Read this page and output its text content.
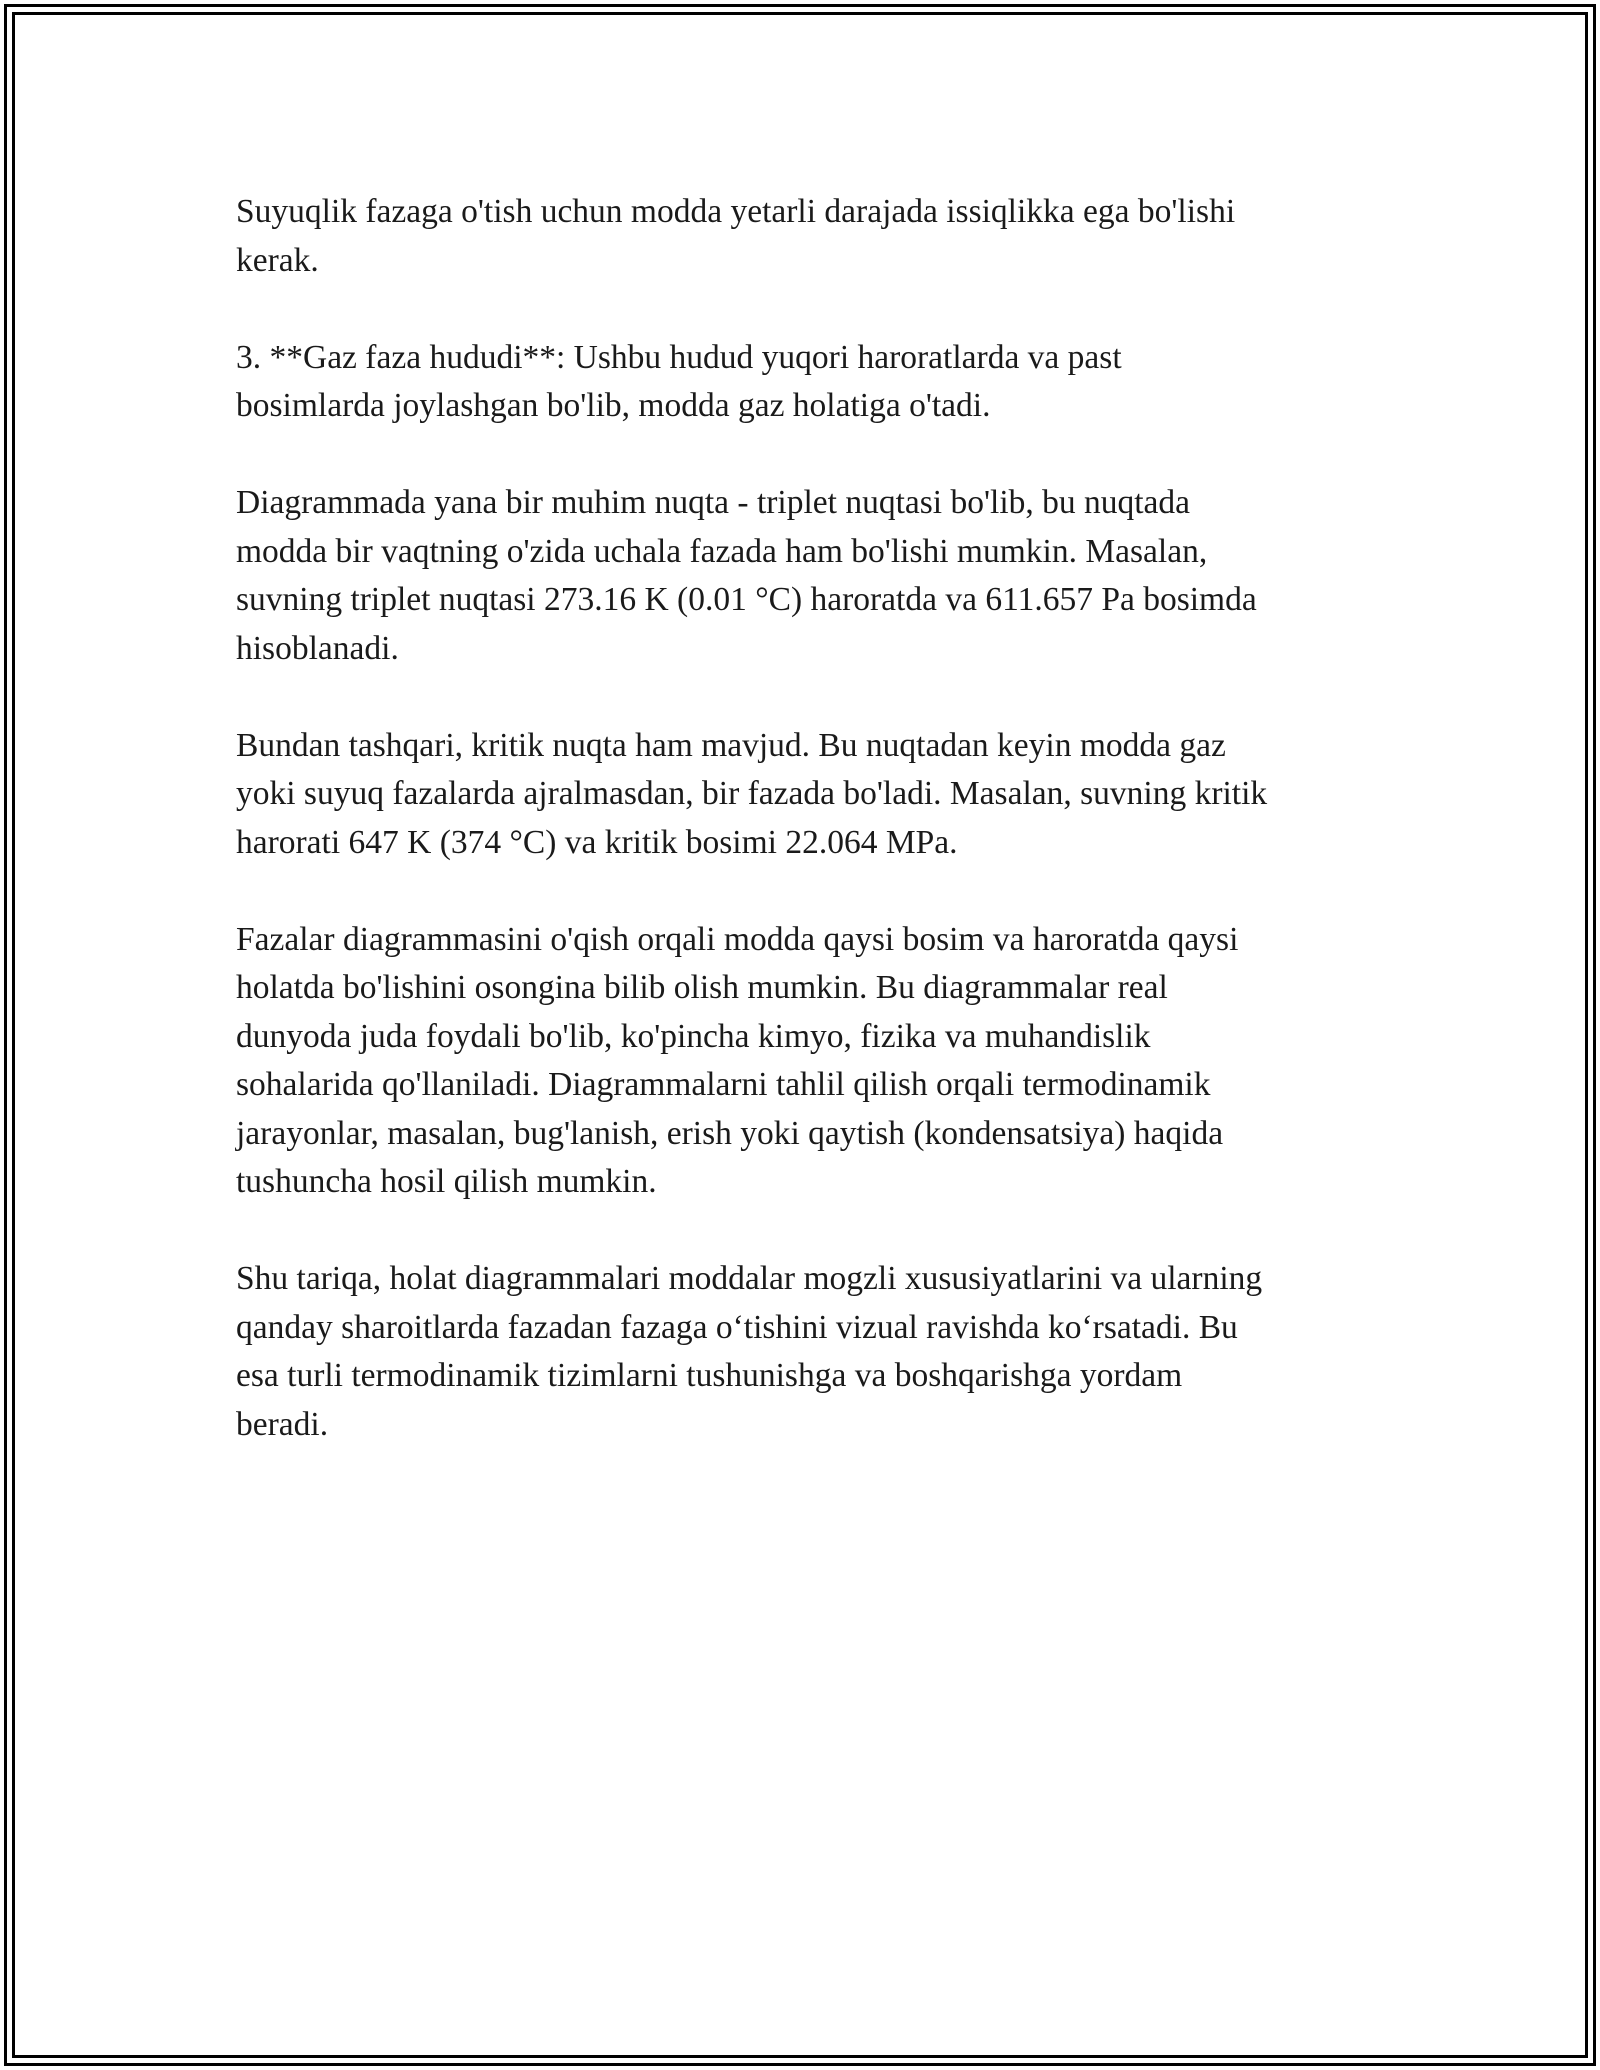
Suyuqlik fazaga o'tish uchun modda yetarli darajada issiqlikka ega bo'lishi
kerak.

3. **Gaz faza hududi**: Ushbu hudud yuqori haroratlarda va past
bosimlarda joylashgan bo'lib, modda gaz holatiga o'tadi.

Diagrammada yana bir muhim nuqta - triplet nuqtasi bo'lib, bu nuqtada
modda bir vaqtning o'zida uchala fazada ham bo'lishi mumkin. Masalan,
suvning triplet nuqtasi 273.16 K (0.01 °C) haroratda va 611.657 Pa bosimda
hisoblanadi.

Bundan tashqari, kritik nuqta ham mavjud. Bu nuqtadan keyin modda gaz
yoki suyuq fazalarda ajralmasdan, bir fazada bo'ladi. Masalan, suvning kritik
harorati 647 K (374 °C) va kritik bosimi 22.064 MPa.

Fazalar diagrammasini o'qish orqali modda qaysi bosim va haroratda qaysi
holatda bo'lishini osongina bilib olish mumkin. Bu diagrammalar real
dunyoda juda foydali bo'lib, ko'pincha kimyo, fizika va muhandislik
sohalarida qo'llaniladi. Diagrammalarni tahlil qilish orqali termodinamik
jarayonlar, masalan, bug'lanish, erish yoki qaytish (kondensatsiya) haqida
tushuncha hosil qilish mumkin.

Shu tariqa, holat diagrammalari moddalar mogzli xususiyatlarini va ularning
qanday sharoitlarda fazadan fazaga o‘tishini vizual ravishda ko‘rsatadi. Bu
esa turli termodinamik tizimlarni tushunishga va boshqarishga yordam
beradi.
